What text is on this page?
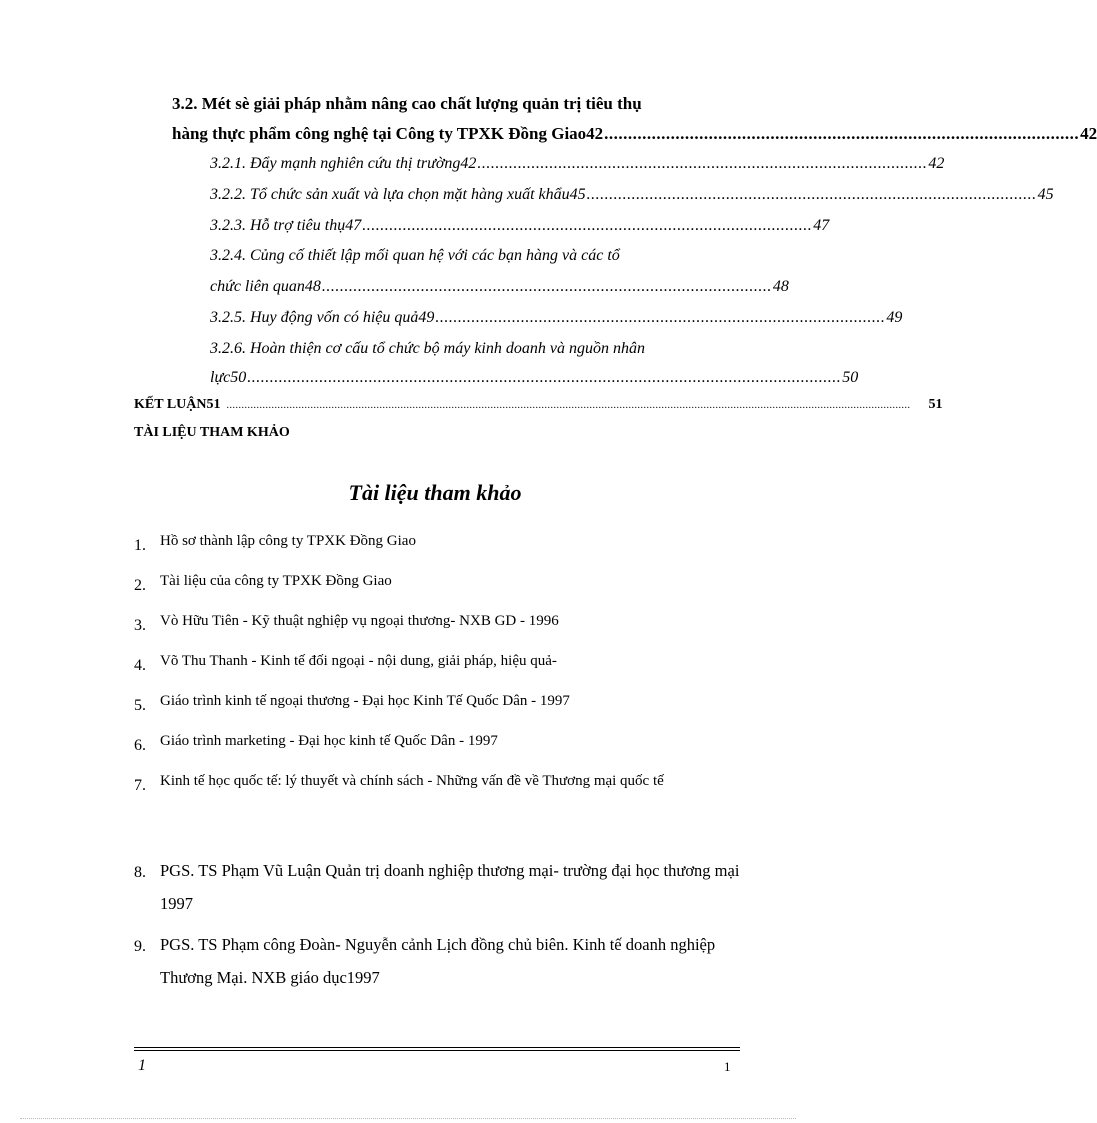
3.2. Mét sè giải pháp nhằm nâng cao chất lượng quản trị tiêu thụ
hàng thực phẩm công nghệ tại Công ty TPXK Đồng Giao42 .................................................................................................... 42
3.2.1. Đẩy mạnh nghiên cứu thị trường42 .................................................................................................... 42
3.2.2. Tổ chức sản xuất và lựa chọn mặt hàng xuất khẩu45 .................................................................................................... 45
3.2.3. Hỗ trợ tiêu thụ47 .................................................................................................... 47
3.2.4. Củng cố thiết lập mối quan hệ với các bạn hàng và các tổ
chức liên quan48 .................................................................................................... 48
3.2.5. Huy động vốn có hiệu quả49 .................................................................................................... 49
3.2.6. Hoàn thiện cơ cấu tổ chức bộ máy kinh doanh và nguồn nhân
lực50 .................................................................................................................................... 50
KẾT LUẬN51 .................................................................................................................................................................................................................................... 51
TÀI LIỆU THAM KHẢO
Tài liệu tham khảo
1. Hồ sơ thành lập công ty TPXK Đồng Giao
2. Tài liệu của công ty TPXK Đồng Giao
3. Vò Hữu Tiên - Kỹ thuật nghiệp vụ ngoại thương- NXB GD - 1996
4. Võ Thu Thanh - Kinh tế đối ngoại - nội dung, giải pháp, hiệu quả-
5. Giáo trình kinh tế ngoại thương - Đại học Kinh Tế Quốc Dân - 1997
6. Giáo trình marketing - Đại học kinh tế Quốc Dân - 1997
7. Kinh tế học quốc tế: lý thuyết và chính sách - Những vấn đề về Thương mại quốc tế
8. PGS. TS Phạm Vũ Luận Quản trị doanh nghiệp thương mại- trường đại học thương mại 1997
9. PGS. TS Phạm công Đoàn- Nguyễn cảnh Lịch đồng chủ biên. Kinh tế doanh nghiệp Thương Mại. NXB giáo dục1997
1	1
